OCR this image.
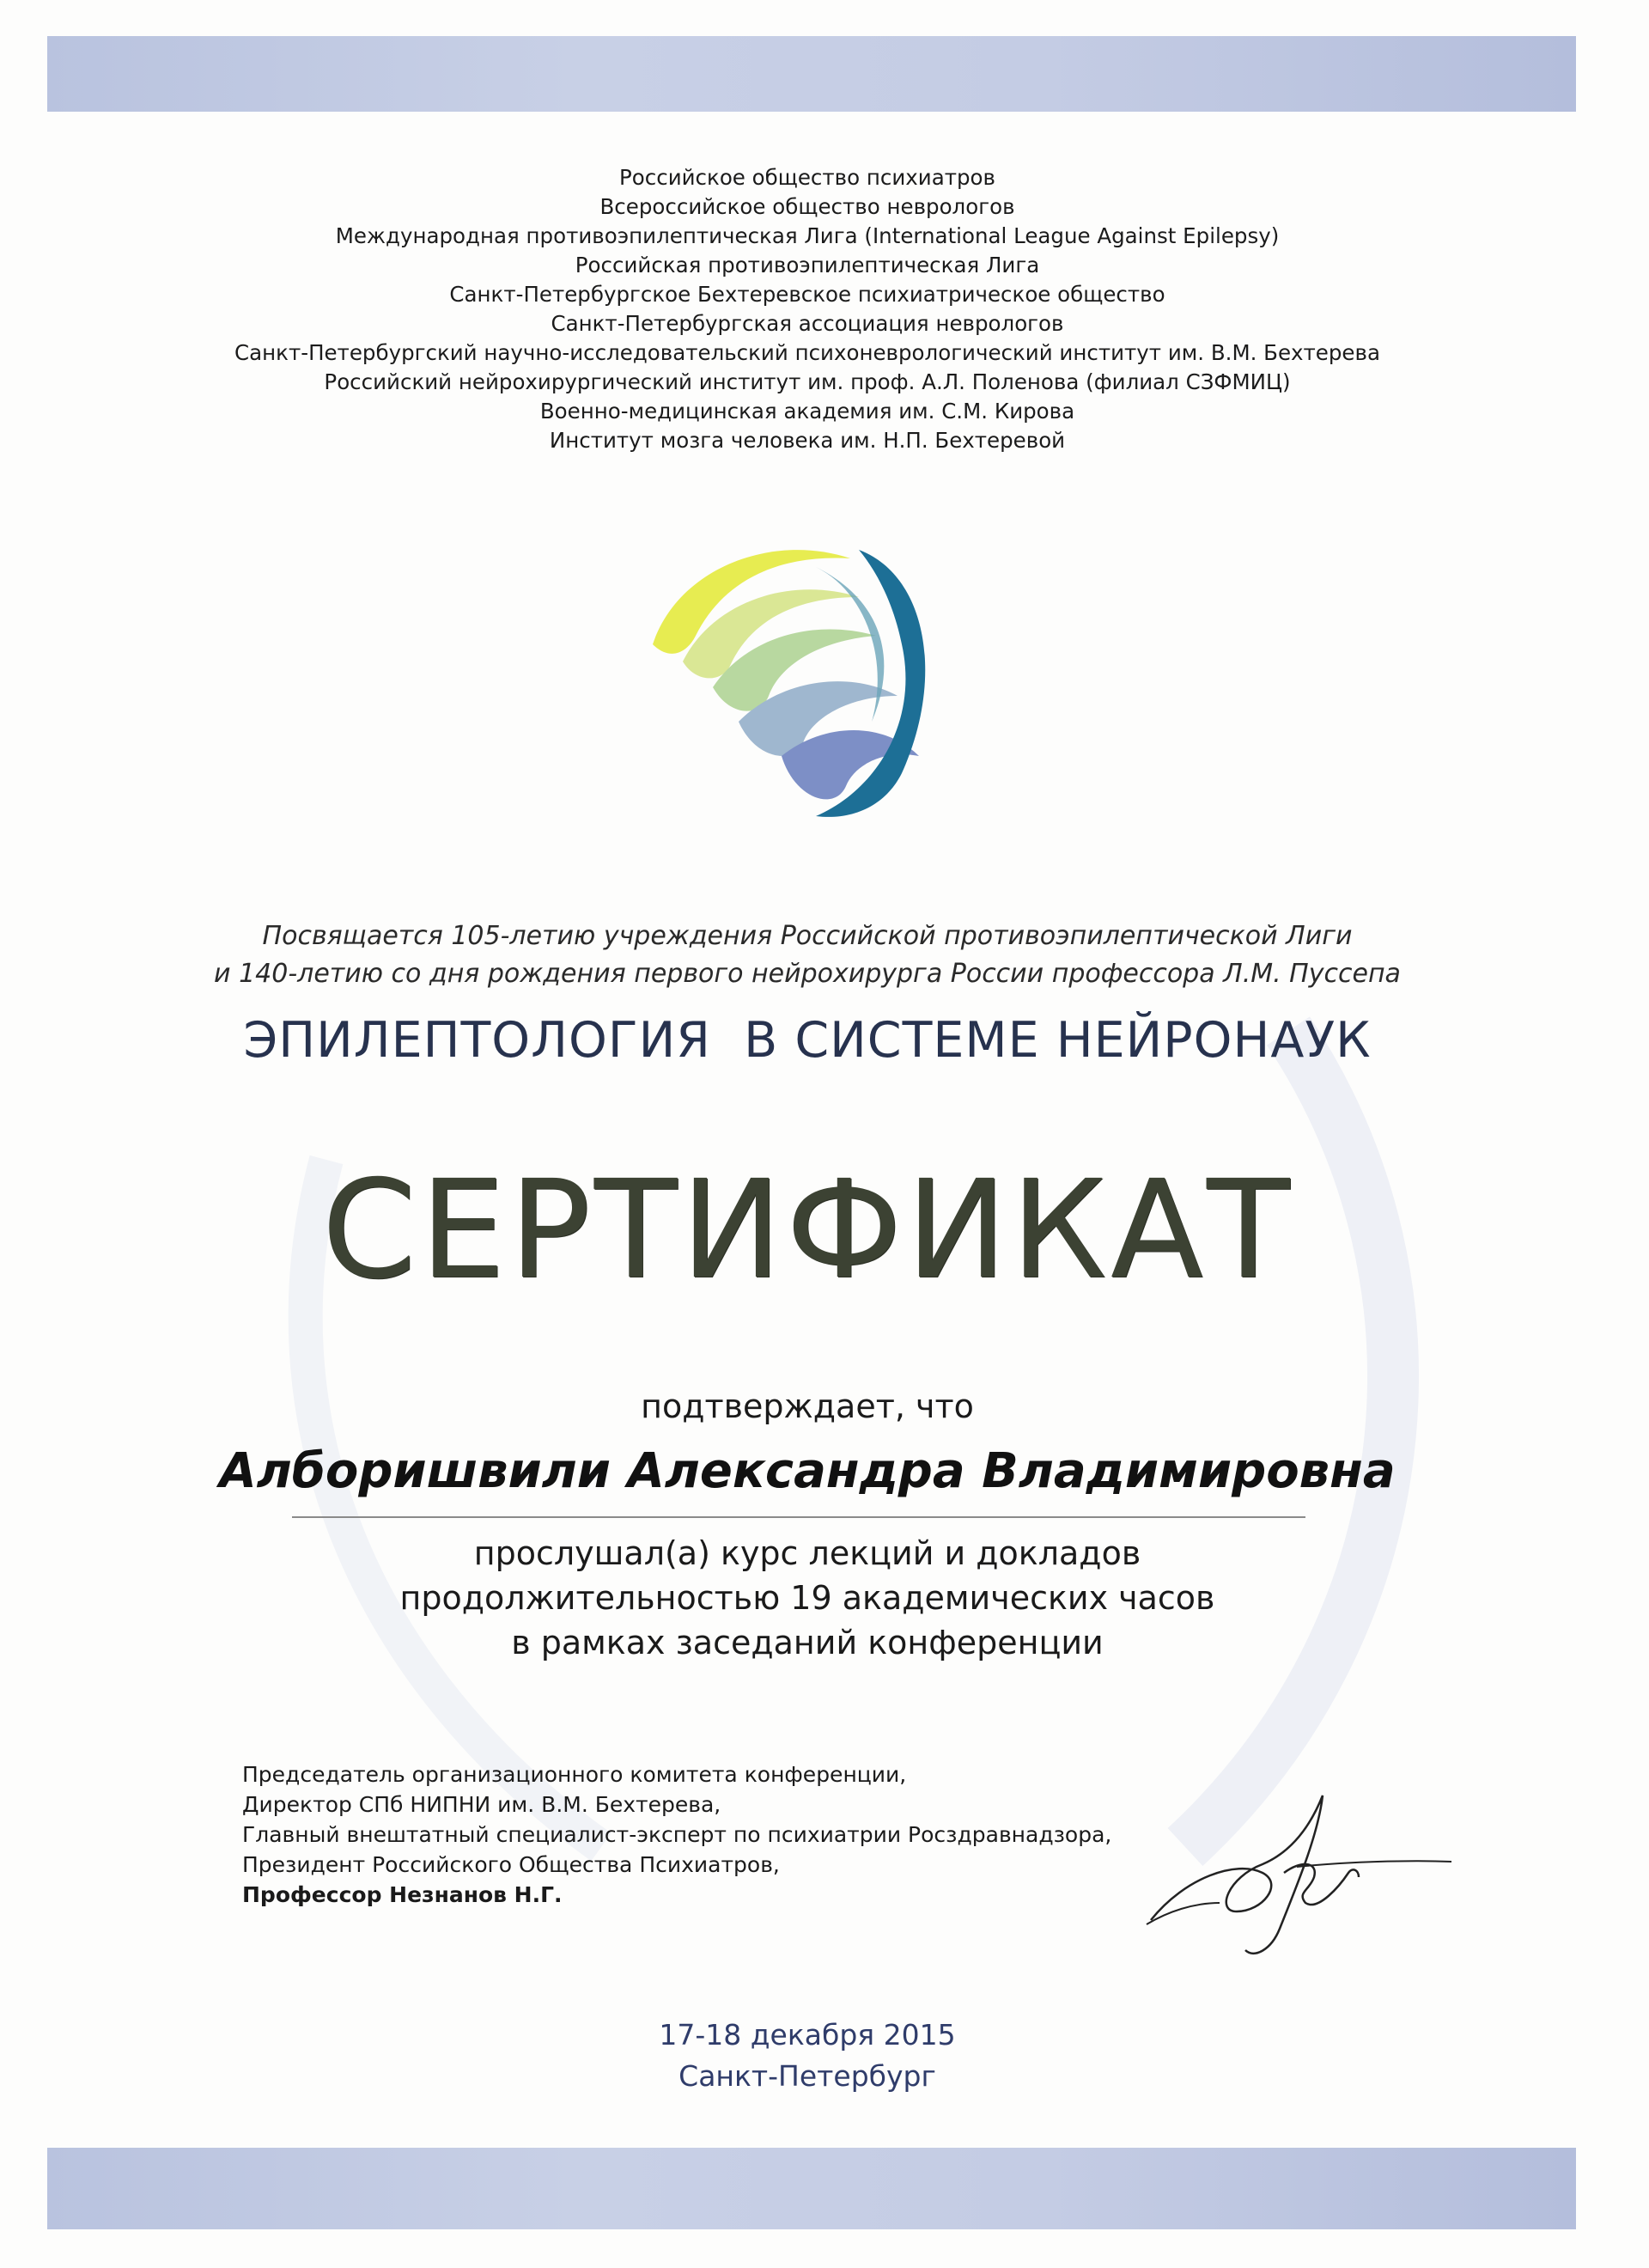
Российское общество психиатров
Всероссийское общество неврологов
Международная противоэпилептическая Лига (International League Against Epilepsy)
Российская противоэпилептическая Лига
Санкт-Петербургское Бехтеревское психиатрическое общество
Санкт-Петербургская ассоциация неврологов
Санкт-Петербургский научно-исследовательский психоневрологический институт им. В.М. Бехтерева
Российский нейрохирургический институт им. проф. А.Л. Поленова (филиал СЗФМИЦ)
Военно-медицинская академия им. С.М. Кирова
Институт мозга человека им. Н.П. Бехтеревой
Посвящается 105-летию учреждения Российской противоэпилептической Лиги
и 140-летию со дня рождения первого нейрохирурга России профессора Л.М. Пуссепа
ЭПИЛЕПТОЛОГИЯ  В СИСТЕМЕ НЕЙРОНАУК
СЕРТИФИКАТ
подтверждает, что
Алборишвили Александра Владимировна
прослушал(а) курс лекций и докладов
продолжительностью 19 академических часов
в рамках заседаний конференции
Председатель организационного комитета конференции,
Директор СПб НИПНИ им. В.М. Бехтерева,
Главный внештатный специалист-эксперт по психиатрии Росздравнадзора,
Президент Российского Общества Психиатров,
Профессор Незнанов Н.Г.
17-18 декабря 2015
Санкт-Петербург
